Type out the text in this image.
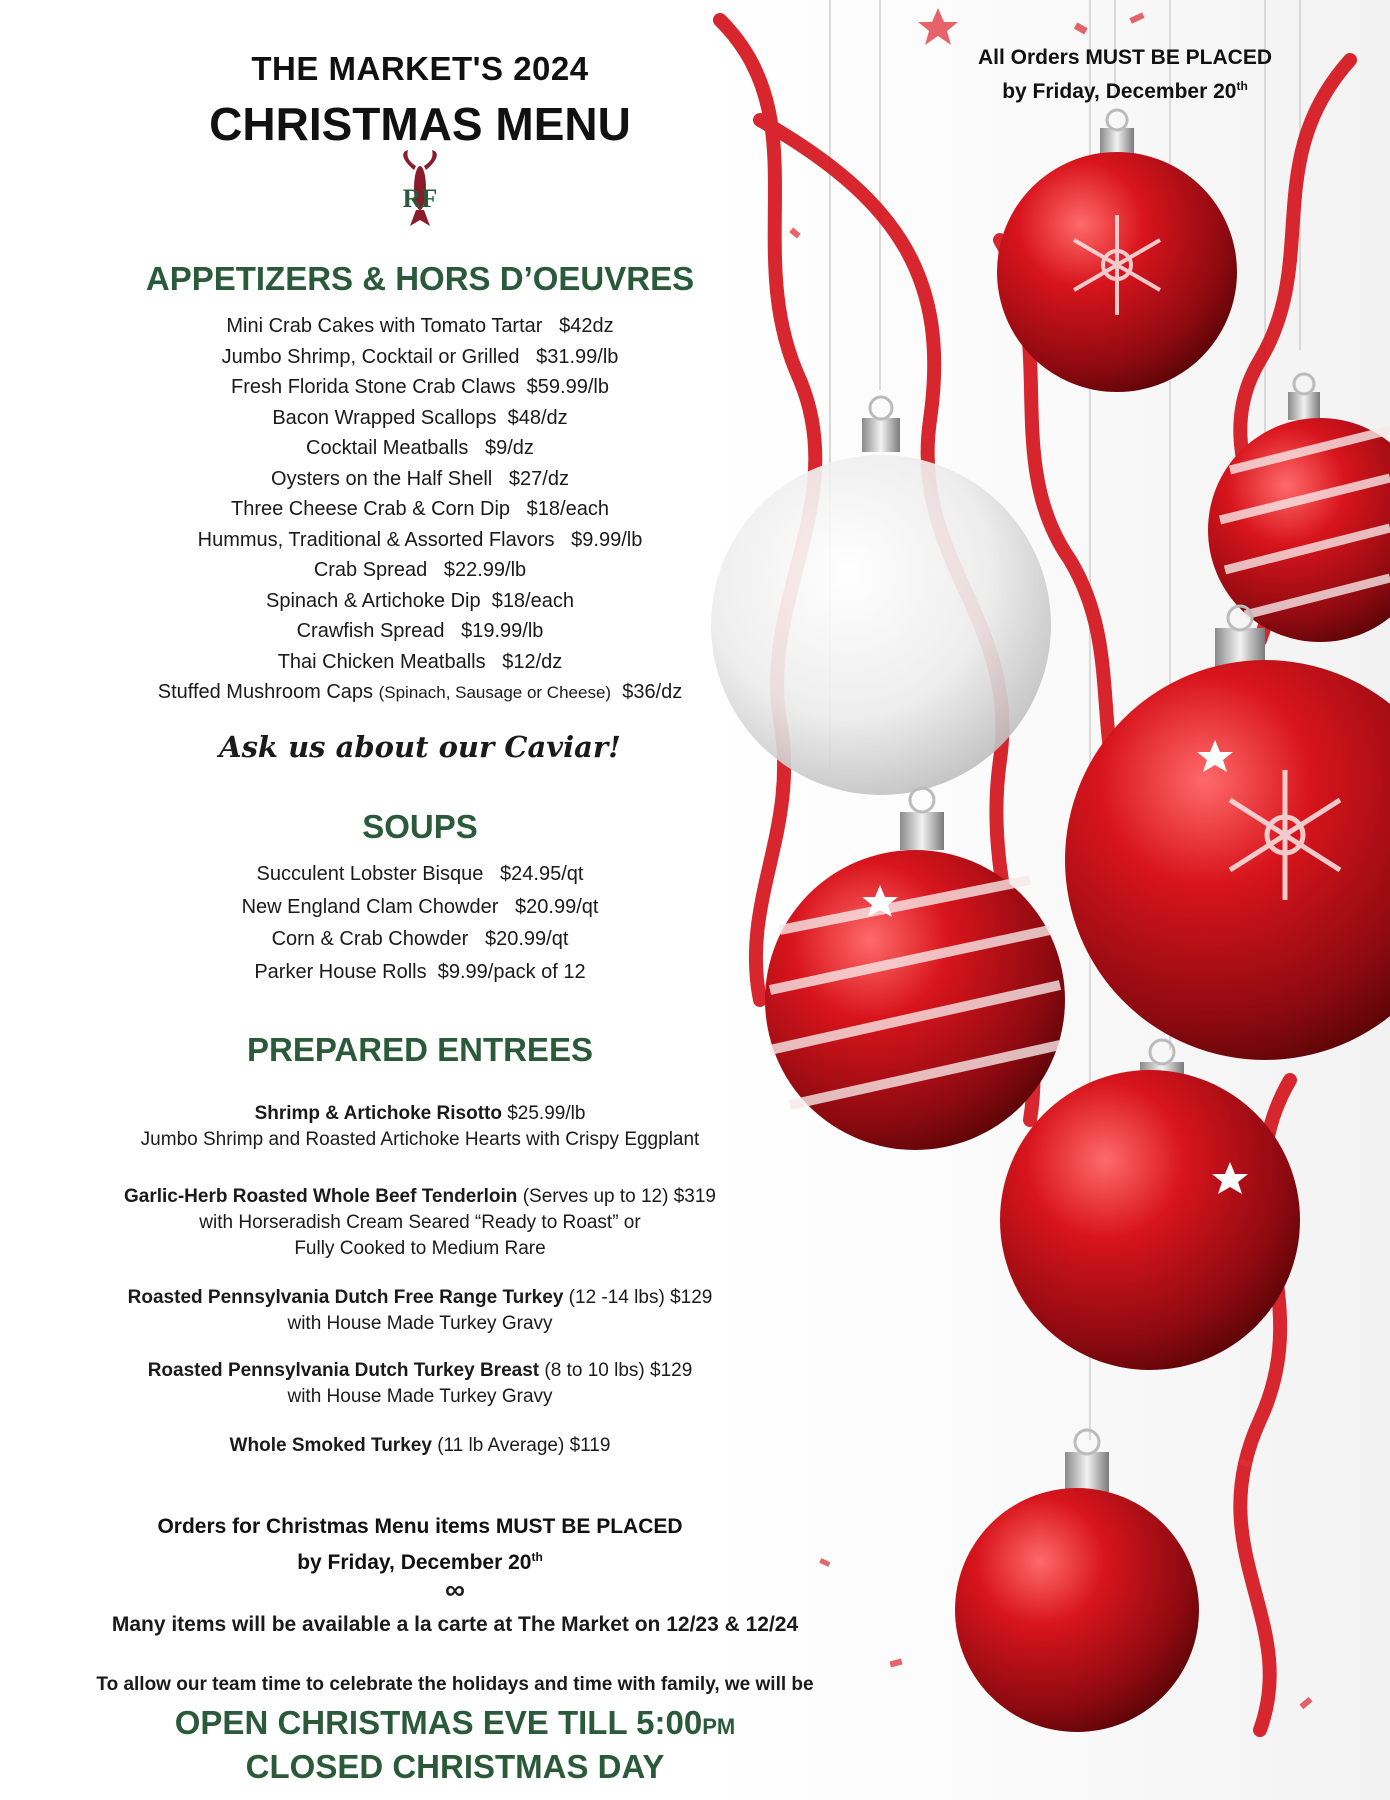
THE MARKET'S 2024
CHRISTMAS MENU
RF
All Orders MUST BE PLACED
by Friday, December 20th
APPETIZERS & HORS D’OEUVRES
Mini Crab Cakes with Tomato Tartar   $42dz
Jumbo Shrimp, Cocktail or Grilled   $31.99/lb
Fresh Florida Stone Crab Claws  $59.99/lb
Bacon Wrapped Scallops  $48/dz
Cocktail Meatballs   $9/dz
Oysters on the Half Shell   $27/dz
Three Cheese Crab & Corn Dip   $18/each
Hummus, Traditional & Assorted Flavors   $9.99/lb
Crab Spread   $22.99/lb
Spinach & Artichoke Dip  $18/each
Crawfish Spread   $19.99/lb
Thai Chicken Meatballs   $12/dz
Stuffed Mushroom Caps (Spinach, Sausage or Cheese) $36/dz
Ask us about our Caviar!
SOUPS
Succulent Lobster Bisque   $24.95/qt
New England Clam Chowder   $20.99/qt
Corn & Crab Chowder   $20.99/qt
Parker House Rolls  $9.99/pack of 12
PREPARED ENTREES
Shrimp & Artichoke Risotto $25.99/lb
Jumbo Shrimp and Roasted Artichoke Hearts with Crispy Eggplant
Garlic-Herb Roasted Whole Beef Tenderloin (Serves up to 12) $319
with Horseradish Cream Seared “Ready to Roast” or
Fully Cooked to Medium Rare
Roasted Pennsylvania Dutch Free Range Turkey (12 -14 lbs) $129
with House Made Turkey Gravy
Roasted Pennsylvania Dutch Turkey Breast (8 to 10 lbs) $129
with House Made Turkey Gravy
Whole Smoked Turkey (11 lb Average) $119
Orders for Christmas Menu items MUST BE PLACED
by Friday, December 20th
∞
Many items will be available a la carte at The Market on 12/23 & 12/24
To allow our team time to celebrate the holidays and time with family, we will be
OPEN CHRISTMAS EVE TILL 5:00PM
CLOSED CHRISTMAS DAY
